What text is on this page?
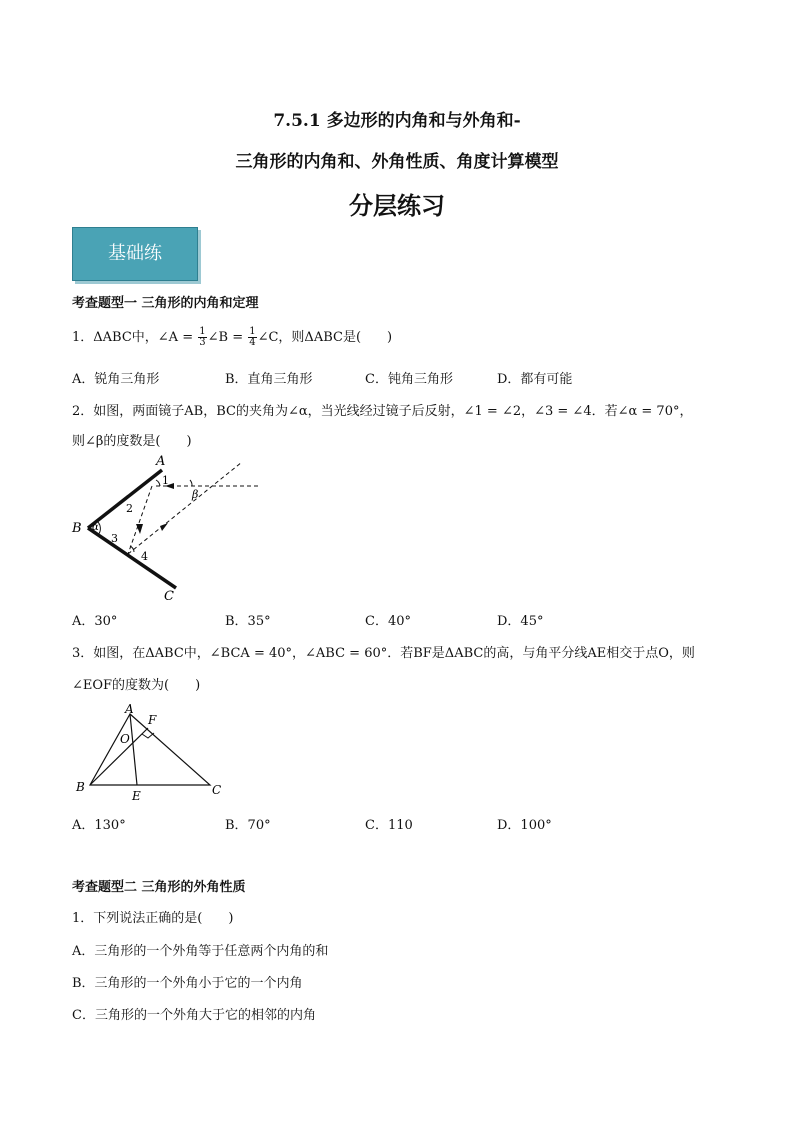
7.5.1 多边形的内角和与外角和-
三角形的内角和、外角性质、角度计算模型
分层练习
基础练
考查题型一 三角形的内角和定理
1．ΔABC中，∠A = $\frac{1}{3}$ ∠B = $\frac{1}{4}$ ∠C，则ΔABC是(　　)
A．锐角三角形	B．直角三角形	C．钝角三角形	D．都有可能
2．如图，两面镜子AB，BC的夹角为∠α，当光线经过镜子后反射，∠1 = ∠2，∠3 = ∠4．若∠α = 70°，
则∠β的度数是(　　)
A
B
C
1
2
3
4
α
β
A．30°	B．35°	C．40°	D．45°
3．如图，在ΔABC中，∠BCA = 40°，∠ABC = 60°．若BF是ΔABC的高，与角平分线AE相交于点O，则
∠EOF的度数为(　　)
A
B	C
E
F
O
A．130°	B．70°	C．110	D．100°
考查题型二 三角形的外角性质
1．下列说法正确的是(　　)
A．三角形的一个外角等于任意两个内角的和
B．三角形的一个外角小于它的一个内角
C．三角形的一个外角大于它的相邻的内角
